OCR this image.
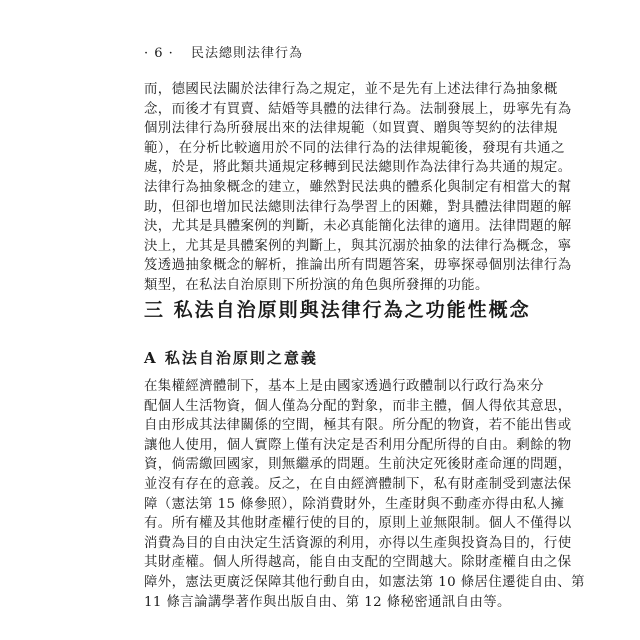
· 6 · 民法總則法律行為
而，德國民法關於法律行為之規定，並不是先有上述法律行為抽象概
念，而後才有買賣、結婚等具體的法律行為。法制發展上，毋寧先有為
個別法律行為所發展出來的法律規範（如買賣、贈與等契約的法律規
範），在分析比較適用於不同的法律行為的法律規範後，發現有共通之
處，於是，將此類共通規定移轉到民法總則作為法律行為共通的規定。
法律行為抽象概念的建立，雖然對民法典的體系化與制定有相當大的幫
助，但卻也增加民法總則法律行為學習上的困難，對具體法律問題的解
決，尤其是具體案例的判斷，未必真能簡化法律的適用。法律問題的解
決上，尤其是具體案例的判斷上，與其沉溺於抽象的法律行為概念，寧
笈透過抽象概念的解析，推論出所有問題答案，毋寧探尋個別法律行為
類型，在私法自治原則下所扮演的角色與所發揮的功能。
三 私法自治原則與法律行為之功能性概念
A 私法自治原則之意義
在集權經濟體制下，基本上是由國家透過行政體制以行政行為來分
配個人生活物資，個人僅為分配的對象，而非主體，個人得依其意思，
自由形成其法律關係的空間，極其有限。所分配的物資，若不能出售或
讓他人使用，個人實際上僅有決定是否利用分配所得的自由。剩餘的物
資，倘需繳回國家，則無繼承的問題。生前決定死後財產命運的問題，
並沒有存在的意義。反之，在自由經濟體制下，私有財產制受到憲法保
障（憲法第 15 條參照），除消費財外，生產財與不動產亦得由私人擁
有。所有權及其他財產權行使的目的，原則上並無限制。個人不僅得以
消費為目的自由決定生活資源的利用，亦得以生產與投資為目的，行使
其財產權。個人所得越高，能自由支配的空間越大。除財產權自由之保
障外，憲法更廣泛保障其他行動自由，如憲法第 10 條居住遷徙自由、第
11 條言論講學著作與出版自由、第 12 條秘密通訊自由等。
